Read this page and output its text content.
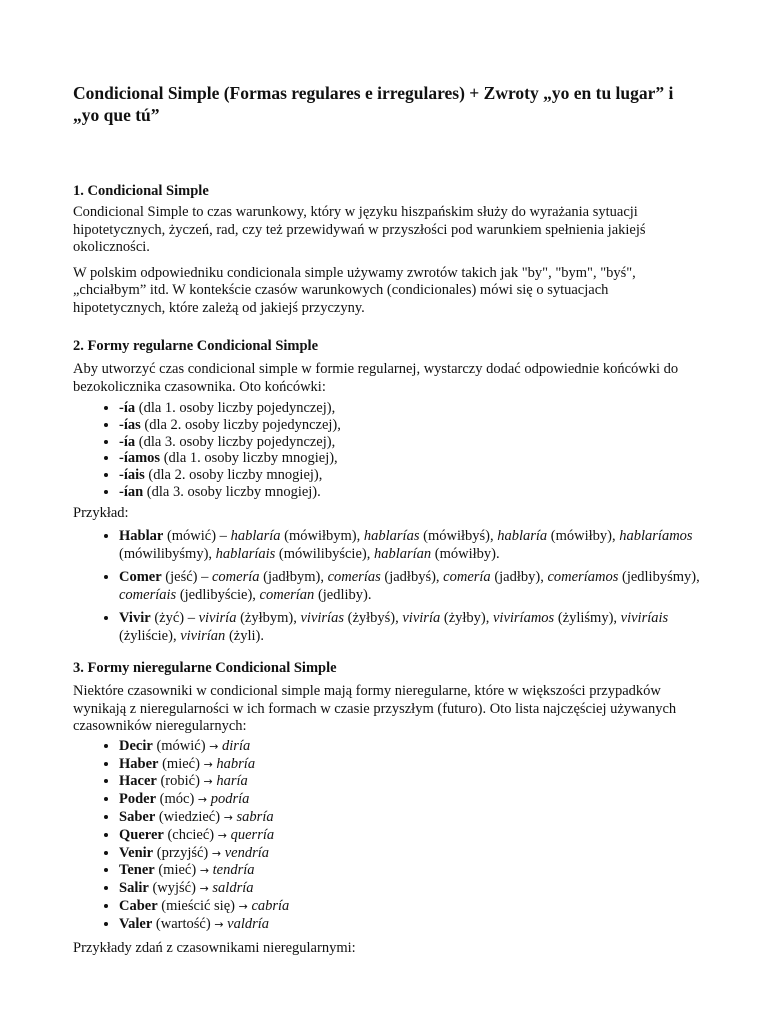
Condicional Simple (Formas regulares e irregulares) + Zwroty „yo en tu lugar” i „yo que tú”
1. Condicional Simple

Condicional Simple to czas warunkowy, który w języku hiszpańskim służy do wyrażania sytuacji hipotetycznych, życzeń, rad, czy też przewidywań w przyszłości pod warunkiem spełnienia jakiejś okoliczności.

W polskim odpowiedniku condicionala simple używamy zwrotów takich jak "by", "bym", "byś", „chciałbym” itd. W kontekście czasów warunkowych (condicionales) mówi się o sytuacjach hipotetycznych, które zależą od jakiejś przyczyny.

2. Formy regularne Condicional Simple

Aby utworzyć czas condicional simple w formie regularnej, wystarczy dodać odpowiednie końcówki do bezokolicznika czasownika. Oto końcówki:

• -ía (dla 1. osoby liczby pojedynczej),
• -ías (dla 2. osoby liczby pojedynczej),
• -ía (dla 3. osoby liczby pojedynczej),
• -íamos (dla 1. osoby liczby mnogiej),
• -íais (dla 2. osoby liczby mnogiej),
• -ían (dla 3. osoby liczby mnogiej).

Przykład:

• Hablar (mówić) – hablaría (mówiłbym), hablarías (mówiłbyś), hablaría (mówiłby), hablaríamos (mówilibyśmy), hablaríais (mówilibyście), hablarían (mówiłby).
• Comer (jeść) – comería (jadłbym), comerías (jadłbyś), comería (jadłby), comeríamos (jedlibyśmy), comeríais (jedlibyście), comerían (jedliby).
• Vivir (żyć) – viviría (żyłbym), vivirías (żyłbyś), viviría (żyłby), viviríamos (żyliśmy), viviríais (żyliście), vivirían (żyli).
3. Formy nieregularne Condicional Simple

Niektóre czasowniki w condicional simple mają formy nieregularne, które w większości przypadków wynikają z nieregularności w ich formach w czasie przyszłym (futuro). Oto lista najczęściej używanych czasowników nieregularnych:

• Decir (mówić) → diría
• Haber (mieć) → habría
• Hacer (robić) → haría
• Poder (móc) → podría
• Saber (wiedzieć) → sabría
• Querer (chcieć) → querría
• Venir (przyjść) → vendría
• Tener (mieć) → tendría
• Salir (wyjść) → saldría
• Caber (mieścić się) → cabría
• Valer (wartość) → valdría

Przykłady zdań z czasownikami nieregularnymi:
